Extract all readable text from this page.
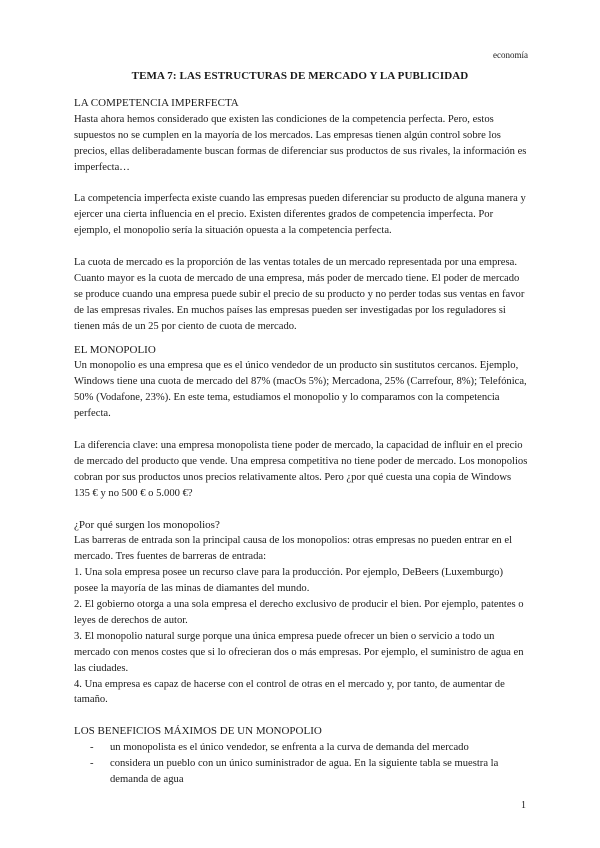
economía
TEMA 7: LAS ESTRUCTURAS DE MERCADO Y LA PUBLICIDAD
LA COMPETENCIA IMPERFECTA

Hasta ahora hemos considerado que existen las condiciones de la competencia perfecta. Pero, estos supuestos no se cumplen en la mayoría de los mercados. Las empresas tienen algún control sobre los precios, ellas deliberadamente buscan formas de diferenciar sus productos de sus rivales, la información es imperfecta…

La competencia imperfecta existe cuando las empresas pueden diferenciar su producto de alguna manera y ejercer una cierta influencia en el precio. Existen diferentes grados de competencia imperfecta. Por ejemplo, el monopolio sería la situación opuesta a la competencia perfecta.

La cuota de mercado es la proporción de las ventas totales de un mercado representada por una empresa. Cuanto mayor es la cuota de mercado de una empresa, más poder de mercado tiene. El poder de mercado se produce cuando una empresa puede subir el precio de su producto y no perder todas sus ventas en favor de las empresas rivales. En muchos países las empresas pueden ser investigadas por los reguladores si tienen más de un 25 por ciento de cuota de mercado.

EL MONOPOLIO

Un monopolio es una empresa que es el único vendedor de un producto sin sustitutos cercanos. Ejemplo, Windows tiene una cuota de mercado del 87% (macOs 5%); Mercadona, 25% (Carrefour, 8%); Telefónica, 50% (Vodafone, 23%). En este tema, estudiamos el monopolio y lo comparamos con la competencia perfecta.

La diferencia clave: una empresa monopolista tiene poder de mercado, la capacidad de influir en el precio de mercado del producto que vende. Una empresa competitiva no tiene poder de mercado. Los monopolios cobran por sus productos unos precios relativamente altos. Pero ¿por qué cuesta una copia de Windows 135 € y no 500 € o 5.000 €?

¿Por qué surgen los monopolios?

Las barreras de entrada son la principal causa de los monopolios: otras empresas no pueden entrar en el mercado. Tres fuentes de barreras de entrada:

1. Una sola empresa posee un recurso clave para la producción. Por ejemplo, DeBeers (Luxemburgo) posee la mayoría de las minas de diamantes del mundo.

2. El gobierno otorga a una sola empresa el derecho exclusivo de producir el bien. Por ejemplo, patentes o leyes de derechos de autor.

3. El monopolio natural surge porque una única empresa puede ofrecer un bien o servicio a todo un mercado con menos costes que si lo ofrecieran dos o más empresas. Por ejemplo, el suministro de agua en las ciudades.

4. Una empresa es capaz de hacerse con el control de otras en el mercado y, por tanto, de aumentar de tamaño.

LOS BENEFICIOS MÁXIMOS DE UN MONOPOLIO
- un monopolista es el único vendedor, se enfrenta a la curva de demanda del mercado
- considera un pueblo con un único suministrador de agua. En la siguiente tabla se muestra la demanda de agua
1
